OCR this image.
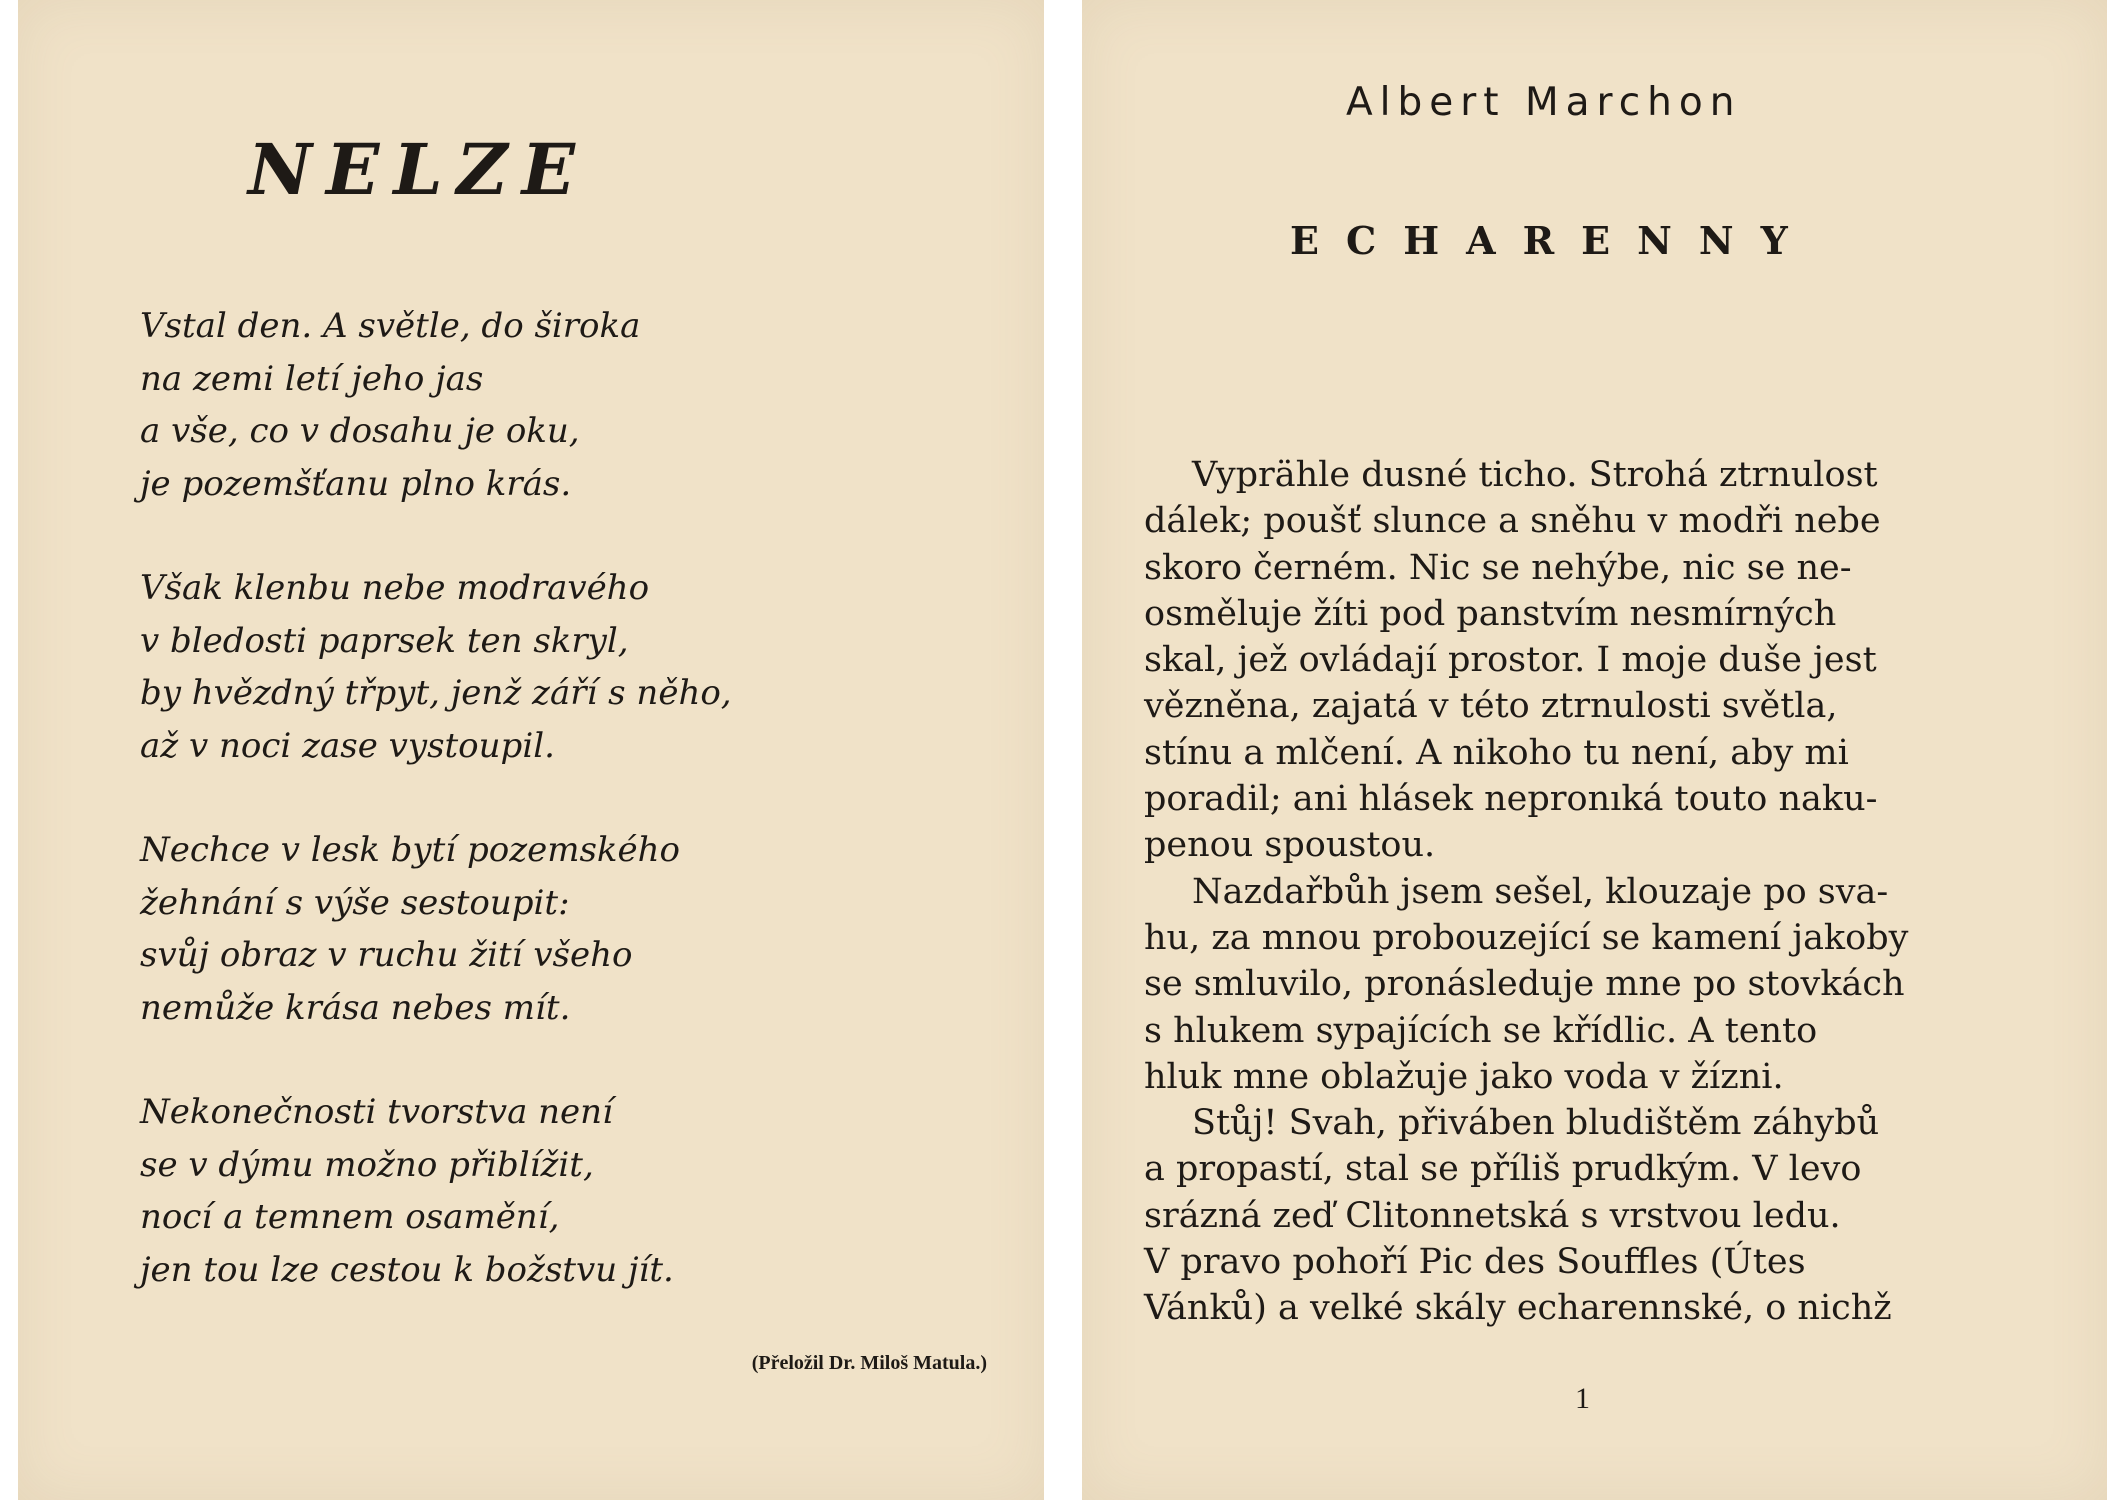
NELZE
Vstal den. A světle, do široka
na zemi letí jeho jas
a vše, co v dosahu je oku,
je pozemšťanu plno krás.
Však klenbu nebe modravého
v bledosti paprsek ten skryl,
by hvězdný třpyt, jenž září s něho,
až v noci zase vystoupil.
Nechce v lesk bytí pozemského
žehnání s výše sestoupit:
svůj obraz v ruchu žití všeho
nemůže krása nebes mít.
Nekonečnosti tvorstva není
se v dýmu možno přiblížit,
nocí a temnem osamění,
jen tou lze cestou k božstvu jít.

(Přeložil Dr. Miloš Matula.)

Albert Marchon

ECHARENNY
Vyprähle dusné ticho. Strohá ztrnulost
dálek; poušť slunce a sněhu v modři nebe
skoro černém. Nic se nehýbe, nic se ne-
osměluje žíti pod panstvím nesmírných
skal, jež ovládají prostor. I moje duše jest
vězněna, zajatá v této ztrnulosti světla,
stínu a mlčení. A nikoho tu není, aby mi
poradil; ani hlásek nepronıká touto naku-
penou spoustou.
Nazdařbůh jsem sešel, klouzaje po sva-
hu, za mnou probouzející se kamení jakoby
se smluvilo, pronásleduje mne po stovkách
s hlukem sypajících se křídlic. A tento
hluk mne oblažuje jako voda v žízni.
Stůj! Svah, přiváben bludištěm záhybů
a propastí, stal se příliš prudkým. V levo
srázná zeď Clitonnetská s vrstvou ledu.
V pravo pohoří Pic des Souffles (Útes
Vánků) a velké skály echarennské, o nichž

1
